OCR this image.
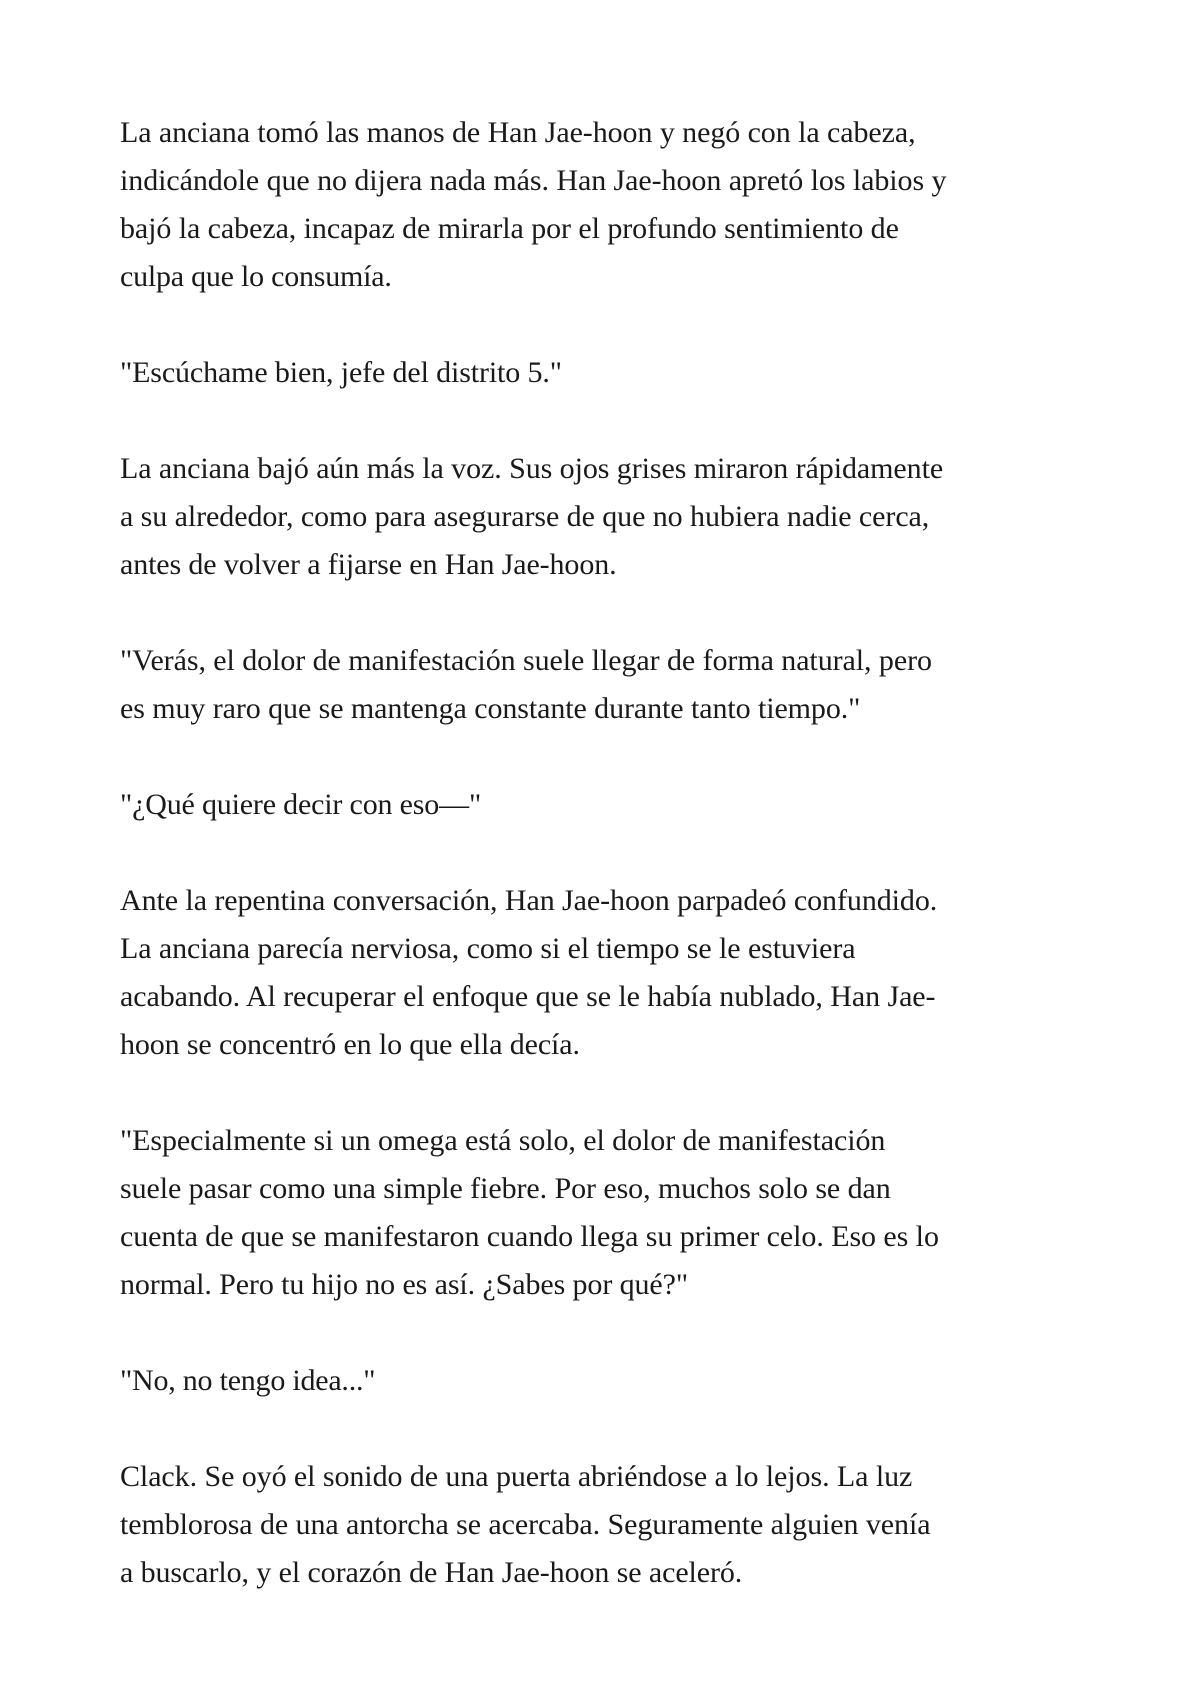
La anciana tomó las manos de Han Jae-hoon y negó con la cabeza,
indicándole que no dijera nada más. Han Jae-hoon apretó los labios y
bajó la cabeza, incapaz de mirarla por el profundo sentimiento de
culpa que lo consumía.

"Escúchame bien, jefe del distrito 5."

La anciana bajó aún más la voz. Sus ojos grises miraron rápidamente
a su alrededor, como para asegurarse de que no hubiera nadie cerca,
antes de volver a fijarse en Han Jae-hoon.

"Verás, el dolor de manifestación suele llegar de forma natural, pero
es muy raro que se mantenga constante durante tanto tiempo."

"¿Qué quiere decir con eso—"

Ante la repentina conversación, Han Jae-hoon parpadeó confundido.
La anciana parecía nerviosa, como si el tiempo se le estuviera
acabando. Al recuperar el enfoque que se le había nublado, Han Jae-
hoon se concentró en lo que ella decía.

"Especialmente si un omega está solo, el dolor de manifestación
suele pasar como una simple fiebre. Por eso, muchos solo se dan
cuenta de que se manifestaron cuando llega su primer celo. Eso es lo
normal. Pero tu hijo no es así. ¿Sabes por qué?"

"No, no tengo idea..."

Clack. Se oyó el sonido de una puerta abriéndose a lo lejos. La luz
temblorosa de una antorcha se acercaba. Seguramente alguien venía
a buscarlo, y el corazón de Han Jae-hoon se aceleró.
